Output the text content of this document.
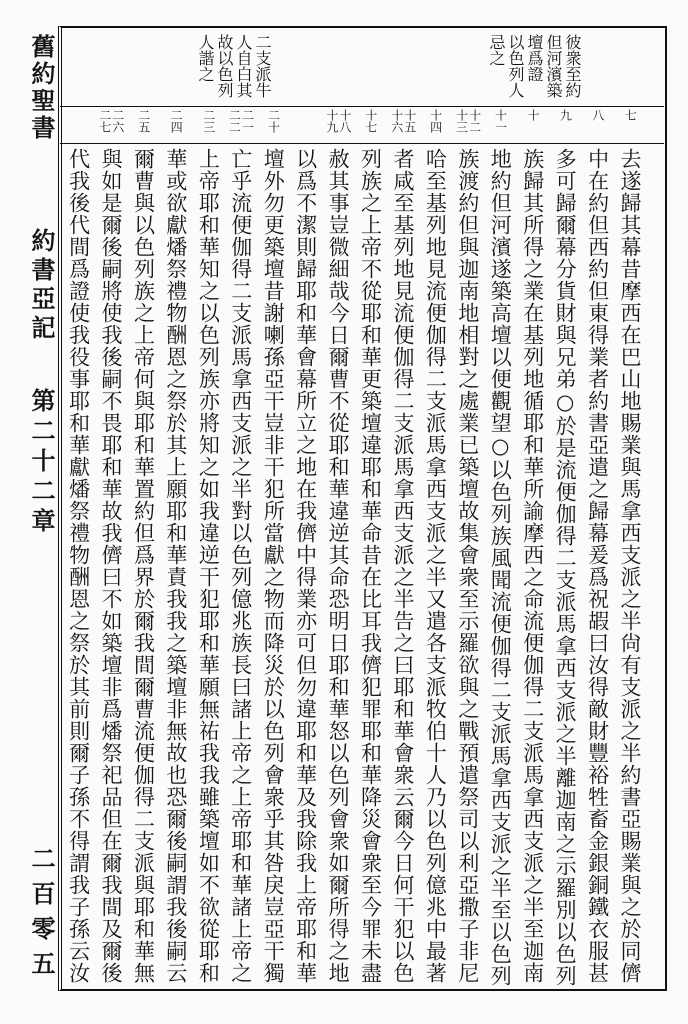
舊約聖書
約書亞記
第二十二章
二百零五
彼衆至約
但河濱築
壇爲證
以色列人
忌之
二支派牛
人自白其
故以色列
人諧之
七
八
九
十
十一
十二
十三
十四
十五
十六
十七
十八
十九
二十
二一
二二
二三
二四
二五
二六
二七
去遂歸其幕昔摩西在巴山地賜業與馬拿西支派之半尙有支派之半約書亞賜業與之於同儕
中在約但西約但東得業者約書亞遣之歸幕爰爲祝嘏曰汝得敵財豐裕牲畜金銀銅鐵衣服甚
多可歸爾幕分貨財與兄弟○於是流便伽得二支派馬拿西支派之半離迦南之示羅別以色列
族歸其所得之業在基列地循耶和華所諭摩西之命流便伽得二支派馬拿西支派之半至迦南
地約但河濱遂築高壇以便觀望○以色列族風聞流便伽得二支派馬拿西支派之半至以色列
族渡約但與迦南地相對之處業已築壇故集會衆至示羅欲與之戰預遣祭司以利亞撒子非尼
哈至基列地見流便伽得二支派馬拿西支派之半又遣各支派牧伯十人乃以色列億兆中最著
者咸至基列地見流便伽得二支派馬拿西支派之半告之曰耶和華會衆云爾今日何干犯以色
列族之上帝不從耶和華更築壇違耶和華命昔在比耳我儕犯罪耶和華降災會衆至今罪未盡
赦其事豈微細哉今日爾曹不從耶和華違逆其命恐明日耶和華怒以色列會衆如爾所得之地
以爲不潔則歸耶和華會幕所立之地在我儕中得業亦可但勿違耶和華及我除我上帝耶和華
壇外勿更築壇昔謝喇孫亞干豈非干犯所當獻之物而降災於以色列會衆乎其咎戾豈亞干獨
亡乎流便伽得二支派馬拿西支派之半對以色列億兆族長曰諸上帝之上帝耶和華諸上帝之
上帝耶和華知之以色列族亦將知之如我違逆干犯耶和華願無祐我我雖築壇如不欲從耶和
華或欲獻燔祭禮物酬恩之祭於其上願耶和華責我我之築壇非無故也恐爾後嗣謂我後嗣云
爾曹與以色列族之上帝何與耶和華置約但爲界於爾我間爾曹流便伽得二支派與耶和華無
與如是爾後嗣將使我後嗣不畏耶和華故我儕曰不如築壇非爲燔祭祀品但在爾我間及爾後
代我後代間爲證使我役事耶和華獻燔祭禮物酬恩之祭於其前則爾子孫不得謂我子孫云汝
